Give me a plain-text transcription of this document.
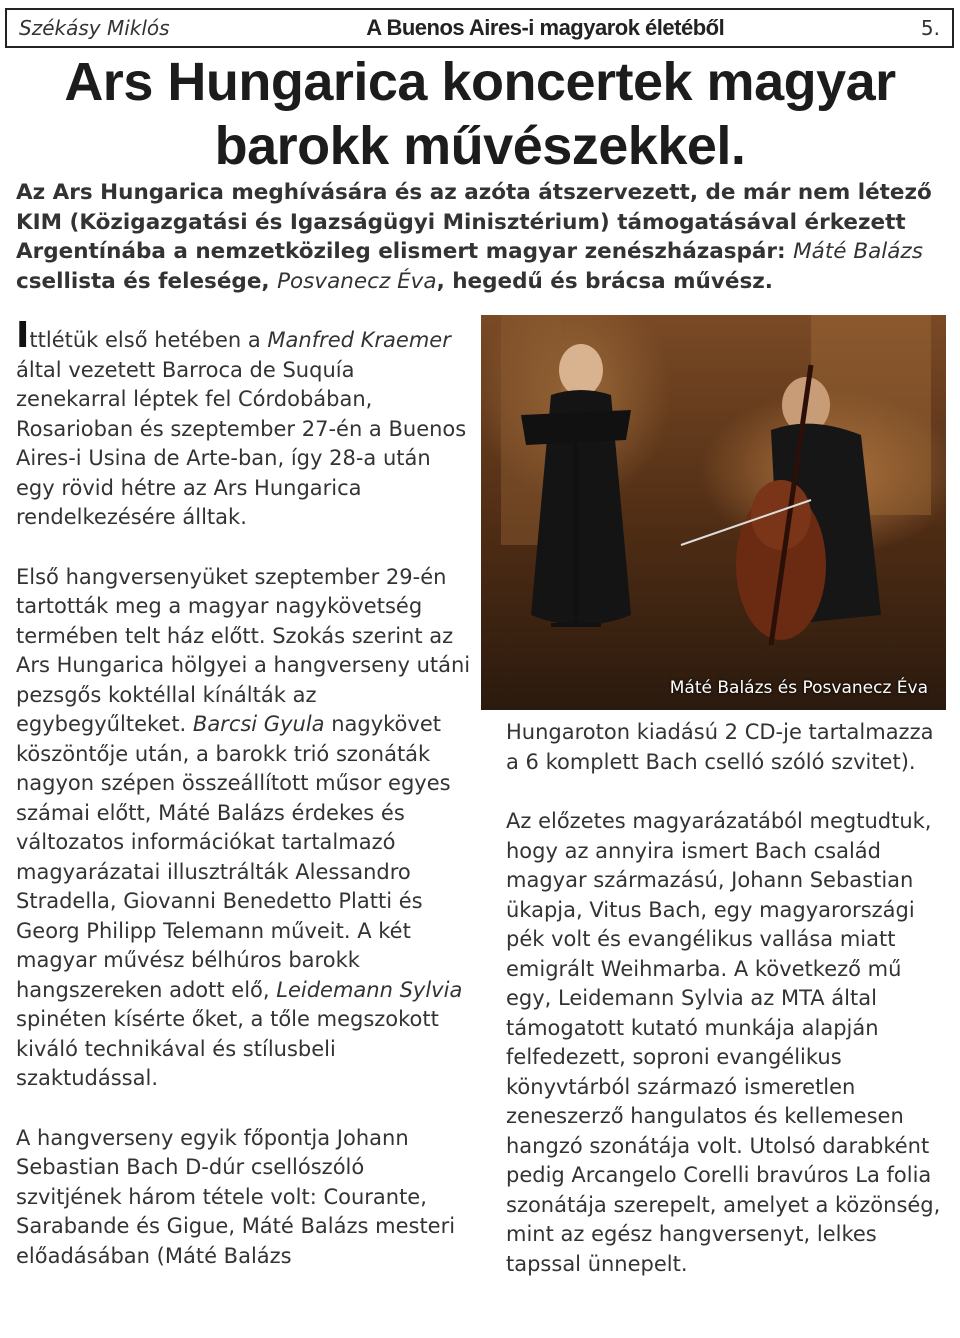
Székásy Miklós	A Buenos Aires-i magyarok életéből	5.
Ars Hungarica koncertek magyar barokk művészekkel.

Az Ars Hungarica meghívására és az azóta átszervezett, de már nem létező KIM (Közigazgatási és Igazságügyi Minisztérium) támogatásával érkezett Argentínába a nemzetközileg elismert magyar zenészházaspár: Máté Balázs csellista és felesége, Posvanecz Éva, hegedű és brácsa művész.

Ittlétük első hetében a Manfred Kraemer által vezetett Barroca de Suquía zenekarral léptek fel Córdobában, Rosarioban és szeptember 27-én a Buenos Aires-i Usina de Arte-ban, így 28-a után egy rövid hétre az Ars Hungarica rendelkezésére álltak.

Első hangversenyüket szeptember 29-én tartották meg a magyar nagykövetség termében telt ház előtt. Szokás szerint az Ars Hungarica hölgyei a hangverseny utáni pezsgős koktéllal kínálták az egybegyűlteket. Barcsi Gyula nagykövet köszöntője után, a barokk trió szonáták nagyon szépen összeállított műsor egyes számai előtt, Máté Balázs érdekes és változatos információkat tartalmazó magyarázatai illusztrálták Alessandro Stradella, Giovanni Benedetto Platti és Georg Philipp Telemann műveit. A két magyar művész bélhúros barokk hangszereken adott elő, Leidemann Sylvia spinéten kísérte őket, a tőle megszokott kiváló technikával és stílusbeli szaktudással.

A hangverseny egyik főpontja Johann Sebastian Bach D-dúr csellószóló szvitjének három tétele volt: Courante, Sarabande és Gigue, Máté Balázs mesteri előadásában (Máté Balázs

Máté Balázs és Posvanecz Éva

Hungaroton kiadású 2 CD-je tartalmazza a 6 komplett Bach cselló szóló szvitet).

Az előzetes magyarázatából megtudtuk, hogy az annyira ismert Bach család magyar származású, Johann Sebastian ükapja, Vitus Bach, egy magyarországi pék volt és evangélikus vallása miatt emigrált Weihmarba. A következő mű egy, Leidemann Sylvia az MTA által támogatott kutató munkája alapján felfedezett, soproni evangélikus könyvtárból származó ismeretlen zeneszerző hangulatos és kellemesen hangzó szonátája volt. Utolsó darabként pedig Arcangelo Corelli bravúros La folia szonátája szerepelt, amelyet a közönség, mint az egész hangversenyt, lelkes tapssal ünnepelt.
